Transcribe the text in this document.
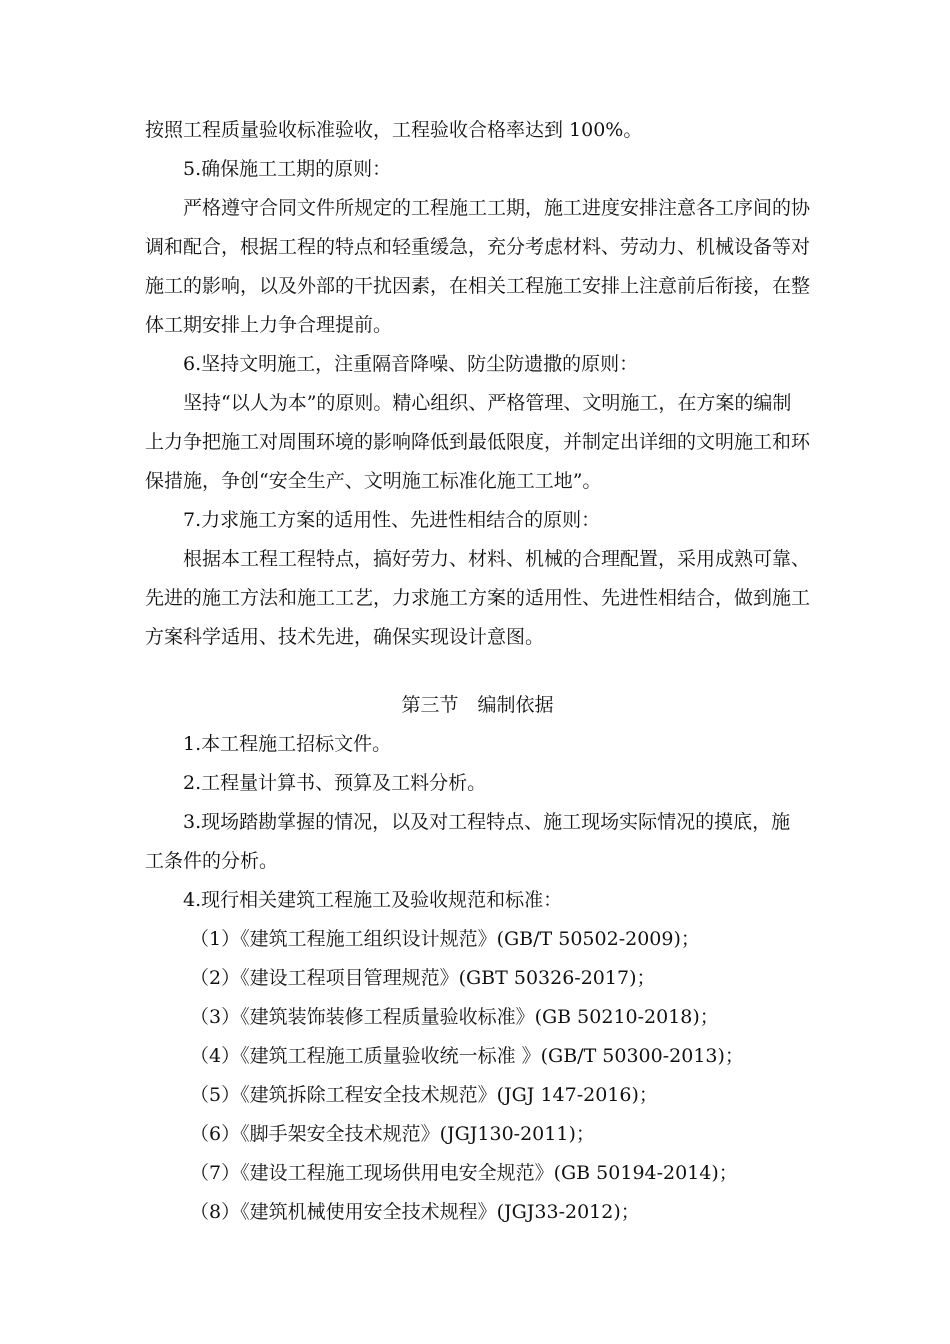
按照工程质量验收标准验收，工程验收合格率达到 100%。
5.确保施工工期的原则：
严格遵守合同文件所规定的工程施工工期，施工进度安排注意各工序间的协
调和配合，根据工程的特点和轻重缓急，充分考虑材料、劳动力、机械设备等对
施工的影响，以及外部的干扰因素，在相关工程施工安排上注意前后衔接，在整
体工期安排上力争合理提前。
6.坚持文明施工，注重隔音降噪、防尘防遗撒的原则：
坚持“以人为本”的原则。精心组织、严格管理、文明施工，在方案的编制
上力争把施工对周围环境的影响降低到最低限度，并制定出详细的文明施工和环
保措施，争创“安全生产、文明施工标准化施工工地”。
7.力求施工方案的适用性、先进性相结合的原则：
根据本工程工程特点，搞好劳力、材料、机械的合理配置，采用成熟可靠、
先进的施工方法和施工工艺，力求施工方案的适用性、先进性相结合，做到施工
方案科学适用、技术先进，确保实现设计意图。
第三节　编制依据
1.本工程施工招标文件。
2.工程量计算书、预算及工料分析。
3.现场踏勘掌握的情况，以及对工程特点、施工现场实际情况的摸底，施
工条件的分析。
4.现行相关建筑工程施工及验收规范和标准：
（1）《建筑工程施工组织设计规范》(GB/T 50502-2009)；
（2）《建设工程项目管理规范》(GBT 50326-2017)；
（3）《建筑装饰装修工程质量验收标准》(GB 50210-2018)；
（4）《建筑工程施工质量验收统一标准 》(GB/T 50300-2013)；
（5）《建筑拆除工程安全技术规范》(JGJ 147-2016)；
（6）《脚手架安全技术规范》(JGJ130-2011)；
（7）《建设工程施工现场供用电安全规范》(GB 50194-2014)；
（8）《建筑机械使用安全技术规程》(JGJ33-2012)；
